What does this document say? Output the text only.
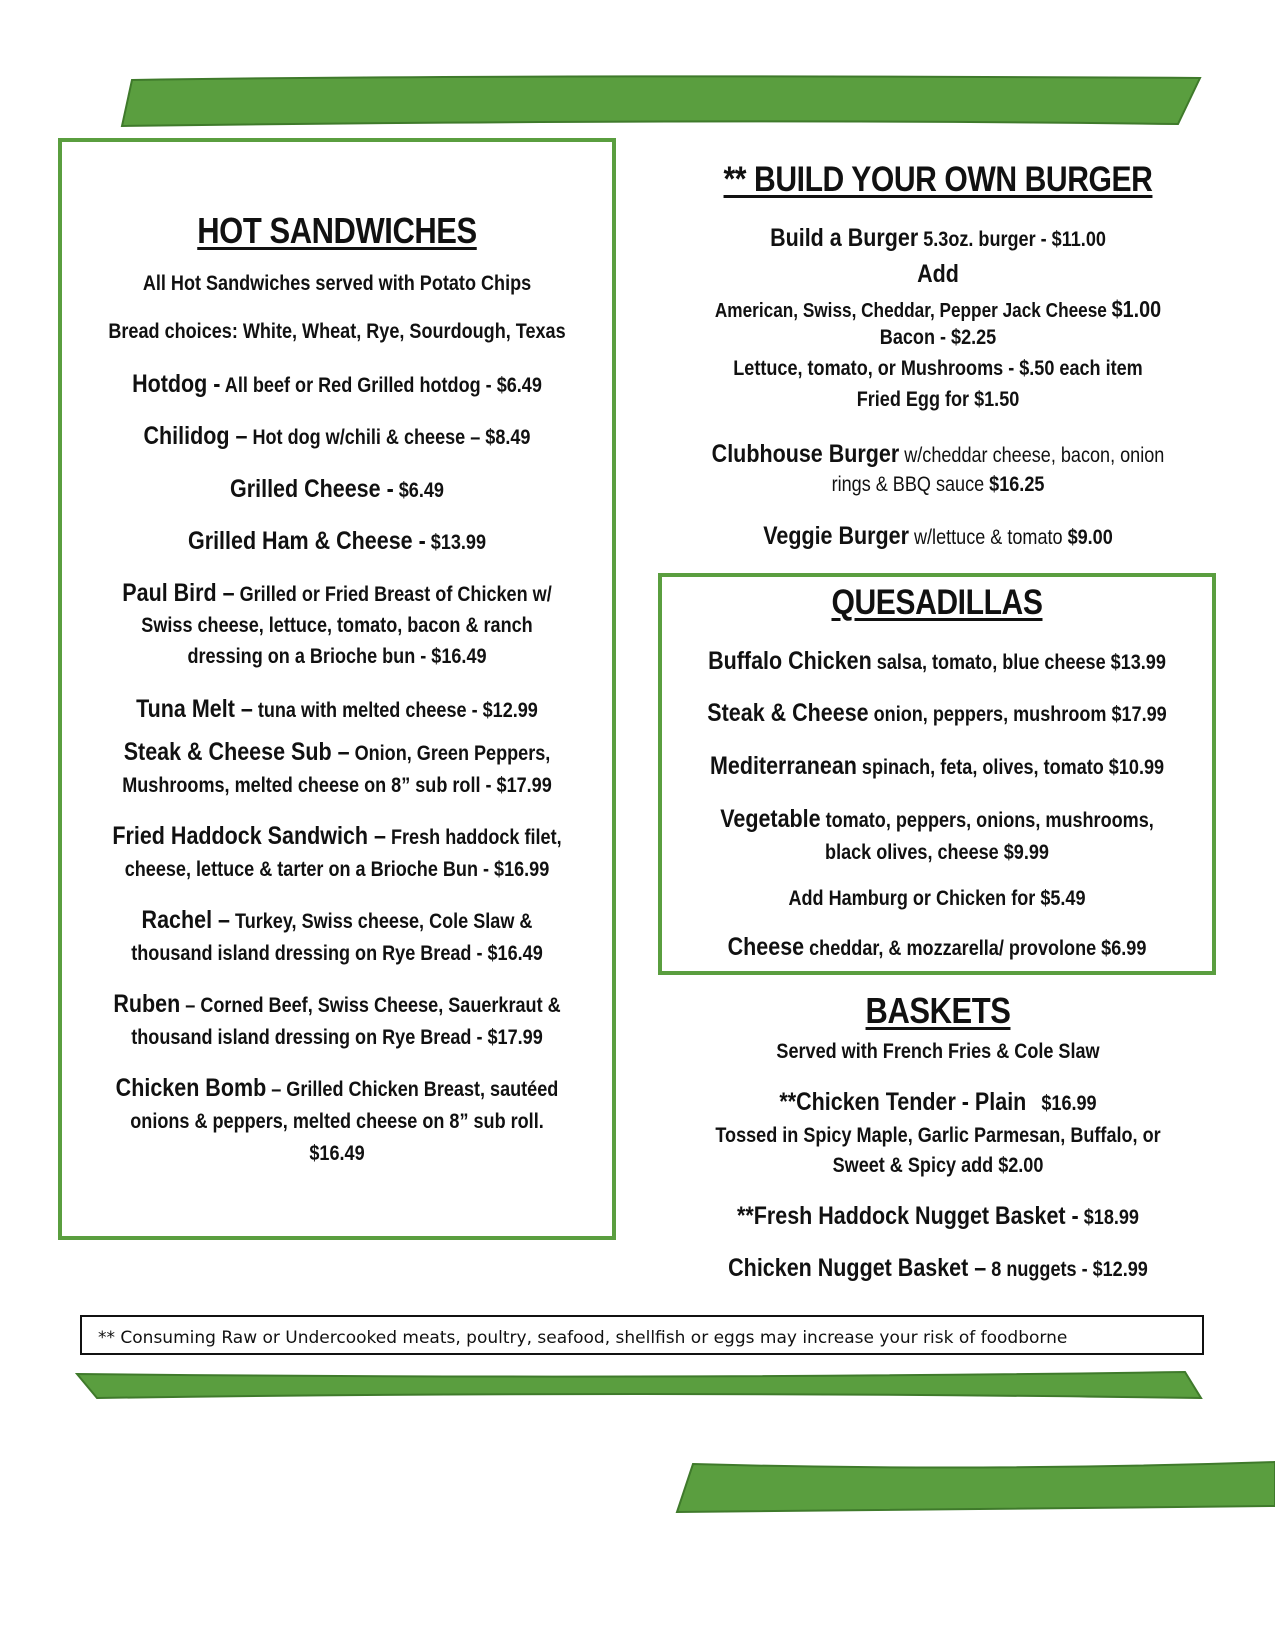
HOT SANDWICHES
All Hot Sandwiches served with Potato Chips
Bread choices: White, Wheat, Rye, Sourdough, Texas
Hotdog - All beef or Red Grilled hotdog - $6.49
Chilidog – Hot dog w/chili & cheese – $8.49
Grilled Cheese - $6.49
Grilled Ham & Cheese - $13.99
Paul Bird – Grilled or Fried Breast of Chicken w/
Swiss cheese, lettuce, tomato, bacon & ranch
dressing on a Brioche bun - $16.49
Tuna Melt – tuna with melted cheese - $12.99
Steak & Cheese Sub – Onion, Green Peppers,
Mushrooms, melted cheese on 8” sub roll - $17.99
Fried Haddock Sandwich – Fresh haddock filet,
cheese, lettuce & tarter on a Brioche Bun - $16.99
Rachel – Turkey, Swiss cheese, Cole Slaw &
thousand island dressing on Rye Bread - $16.49
Ruben – Corned Beef, Swiss Cheese, Sauerkraut &
thousand island dressing on Rye Bread - $17.99
Chicken Bomb – Grilled Chicken Breast, sautéed
onions & peppers, melted cheese on 8” sub roll.
$16.49
** BUILD YOUR OWN BURGER
Build a Burger 5.3oz. burger - $11.00
Add
American, Swiss, Cheddar, Pepper Jack Cheese $1.00
Bacon - $2.25
Lettuce, tomato, or Mushrooms - $.50 each item
Fried Egg for $1.50
Clubhouse Burger w/cheddar cheese, bacon, onion
rings & BBQ sauce $16.25
Veggie Burger w/lettuce & tomato $9.00
QUESADILLAS
Buffalo Chicken salsa, tomato, blue cheese $13.99
Steak & Cheese onion, peppers, mushroom $17.99
Mediterranean spinach, feta, olives, tomato $10.99
Vegetable tomato, peppers, onions, mushrooms,
black olives, cheese $9.99
Add Hamburg or Chicken for $5.49
Cheese cheddar, & mozzarella/ provolone $6.99
BASKETS
Served with French Fries & Cole Slaw
**Chicken Tender - Plain   $16.99
Tossed in Spicy Maple, Garlic Parmesan, Buffalo, or
Sweet & Spicy add $2.00
**Fresh Haddock Nugget Basket - $18.99
Chicken Nugget Basket – 8 nuggets - $12.99
** Consuming Raw or Undercooked meats, poultry, seafood, shellfish or eggs may increase your risk of foodborne
